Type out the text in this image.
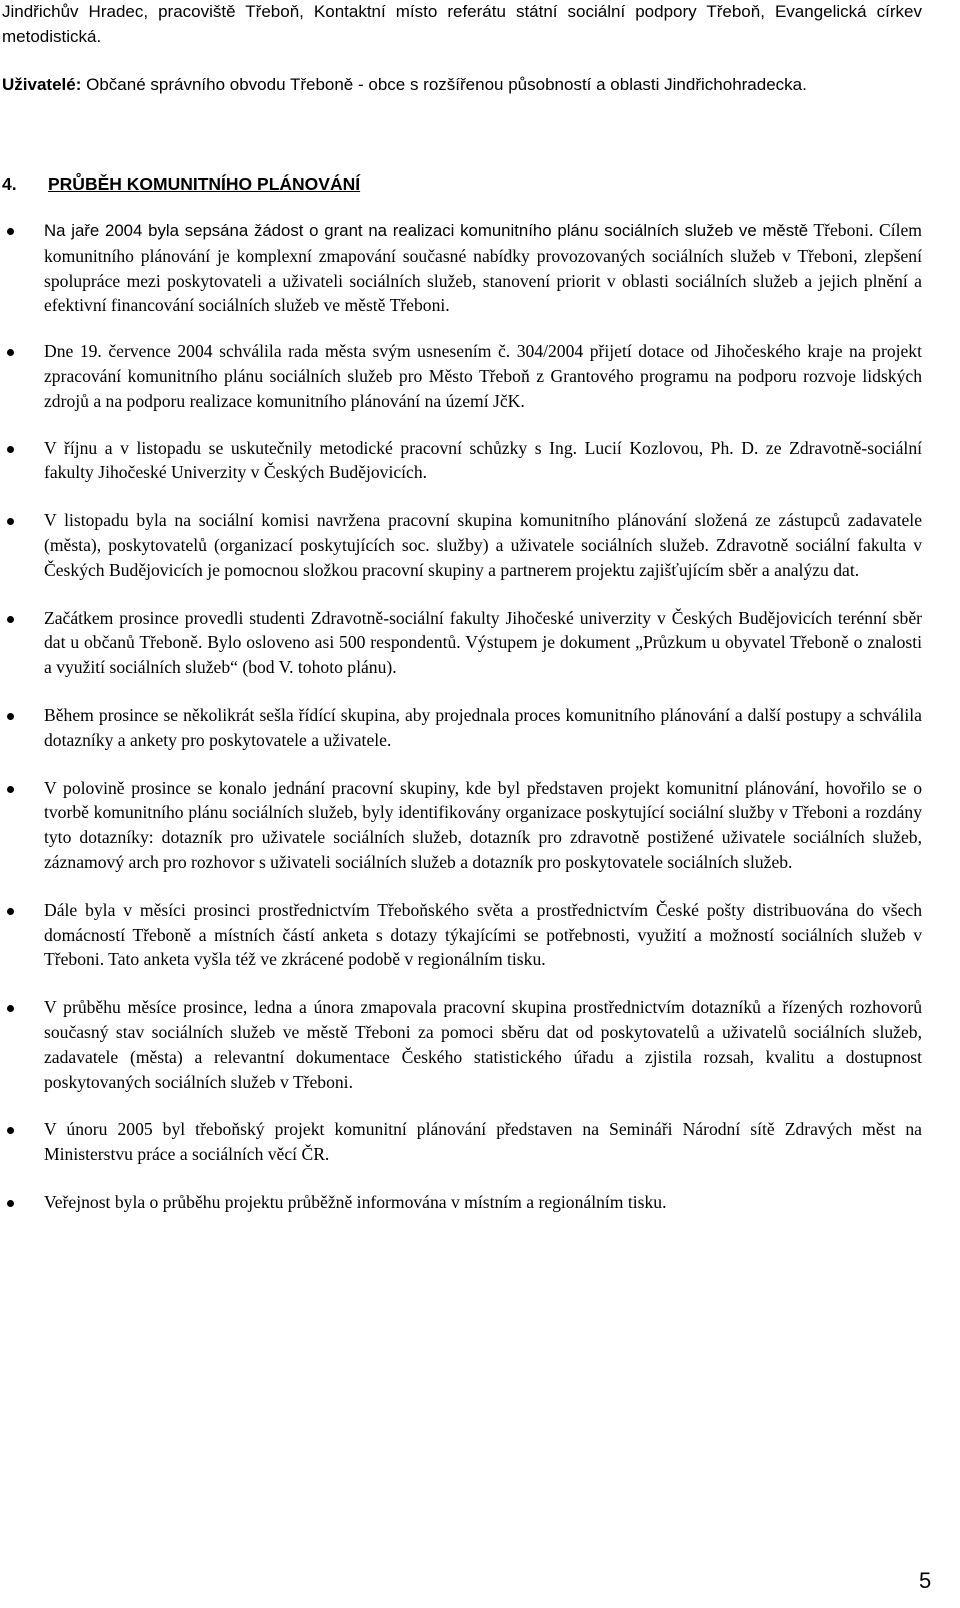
Jindřichův Hradec, pracoviště Třeboň, Kontaktní místo referátu státní sociální podpory Třeboň, Evangelická církev metodistická.

Uživatelé: Občané správního obvodu Třeboně - obce s rozšířenou působností a oblasti Jindřichohradecka.

4. PRŮBĚH KOMUNITNÍHO PLÁNOVÁNÍ
Na jaře 2004 byla sepsána žádost o grant na realizaci komunitního plánu sociálních služeb ve městě Třeboni. Cílem komunitního plánování je komplexní zmapování současné nabídky provozovaných sociálních služeb v Třeboni, zlepšení spolupráce mezi poskytovateli a uživateli sociálních služeb, stanovení priorit v oblasti sociálních služeb a jejich plnění a efektivní financování sociálních služeb ve městě Třeboni.
Dne 19. července 2004 schválila rada města svým usnesením č. 304/2004 přijetí dotace od Jihočeského kraje na projekt zpracování komunitního plánu sociálních služeb pro Město Třeboň z Grantového programu na podporu rozvoje lidských zdrojů a na podporu realizace komunitního plánování na území JčK.
V říjnu a v listopadu se uskutečnily metodické pracovní schůzky s Ing. Lucií Kozlovou, Ph. D. ze Zdravotně-sociální fakulty Jihočeské Univerzity v Českých Budějovicích.
V listopadu byla na sociální komisi navržena pracovní skupina komunitního plánování složená ze zástupců zadavatele (města), poskytovatelů (organizací poskytujících soc. služby) a uživatele sociálních služeb. Zdravotně sociální fakulta v Českých Budějovicích je pomocnou složkou pracovní skupiny a partnerem projektu zajišťujícím sběr a analýzu dat.
Začátkem prosince provedli studenti Zdravotně-sociální fakulty Jihočeské univerzity v Českých Budějovicích terénní sběr dat u občanů Třeboně. Bylo osloveno asi 500 respondentů. Výstupem je dokument „Průzkum u obyvatel Třeboně o znalosti a využití sociálních služeb“ (bod V. tohoto plánu).
Během prosince se několikrát sešla řídící skupina, aby projednala proces komunitního plánování a další postupy a schválila dotazníky a ankety pro poskytovatele a uživatele.
V polovině prosince se konalo jednání pracovní skupiny, kde byl představen projekt komunitní plánování, hovořilo se o tvorbě komunitního plánu sociálních služeb, byly identifikovány organizace poskytující sociální služby v Třeboni a rozdány tyto dotazníky: dotazník pro uživatele sociálních služeb, dotazník pro zdravotně postižené uživatele sociálních služeb, záznamový arch pro rozhovor s uživateli sociálních služeb a dotazník pro poskytovatele sociálních služeb.
Dále byla v měsíci prosinci prostřednictvím Třeboňského světa a prostřednictvím České pošty distribuována do všech domácností Třeboně a místních částí anketa s dotazy týkajícími se potřebnosti, využití a možností sociálních služeb v Třeboni. Tato anketa vyšla též ve zkrácené podobě v regionálním tisku.
V průběhu měsíce prosince, ledna a února zmapovala pracovní skupina prostřednictvím dotazníků a řízených rozhovorů současný stav sociálních služeb ve městě Třeboni za pomoci sběru dat od poskytovatelů a uživatelů sociálních služeb, zadavatele (města) a relevantní dokumentace Českého statistického úřadu a zjistila rozsah, kvalitu a dostupnost poskytovaných sociálních služeb v Třeboni.
V únoru 2005 byl třeboňský projekt komunitní plánování představen na Semináři Národní sítě Zdravých měst na Ministerstvu práce a sociálních věcí ČR.
Veřejnost byla o průběhu projektu průběžně informována v místním a regionálním tisku.
5
